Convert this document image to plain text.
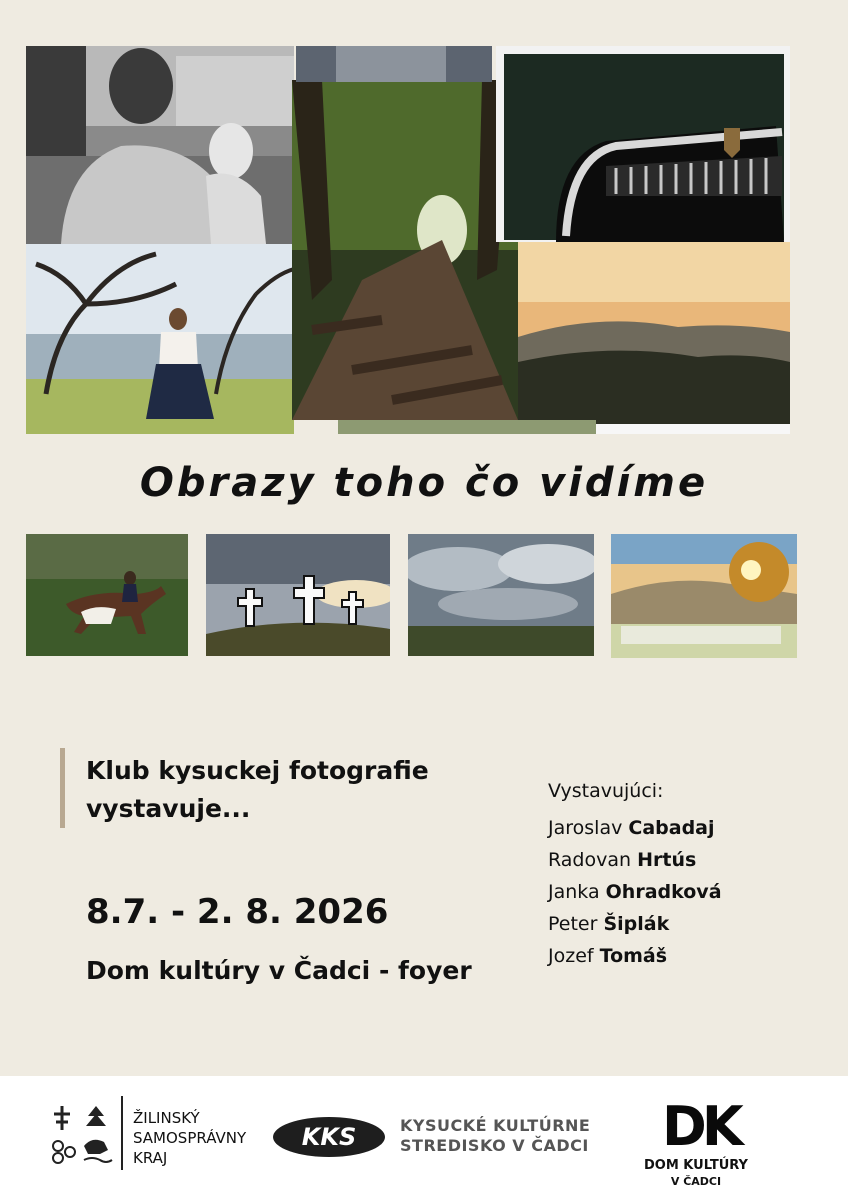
Obrazy toho čo vidíme
Klub kysuckej fotografie
vystavuje...
8.7. - 2. 8. 2026
Dom kultúry v Čadci - foyer
Vystavujúci:
Jaroslav Cabadaj
Radovan Hrtús
Janka Ohradková
Peter Šiplák
Jozef Tomáš
ŽILINSKÝ
SAMOSPRÁVNY
KRAJ
KKS	KYSUCKÉ KULTÚRNE
STREDISKO V ČADCI DK
DOM KULTÚRY
V ČADCI
